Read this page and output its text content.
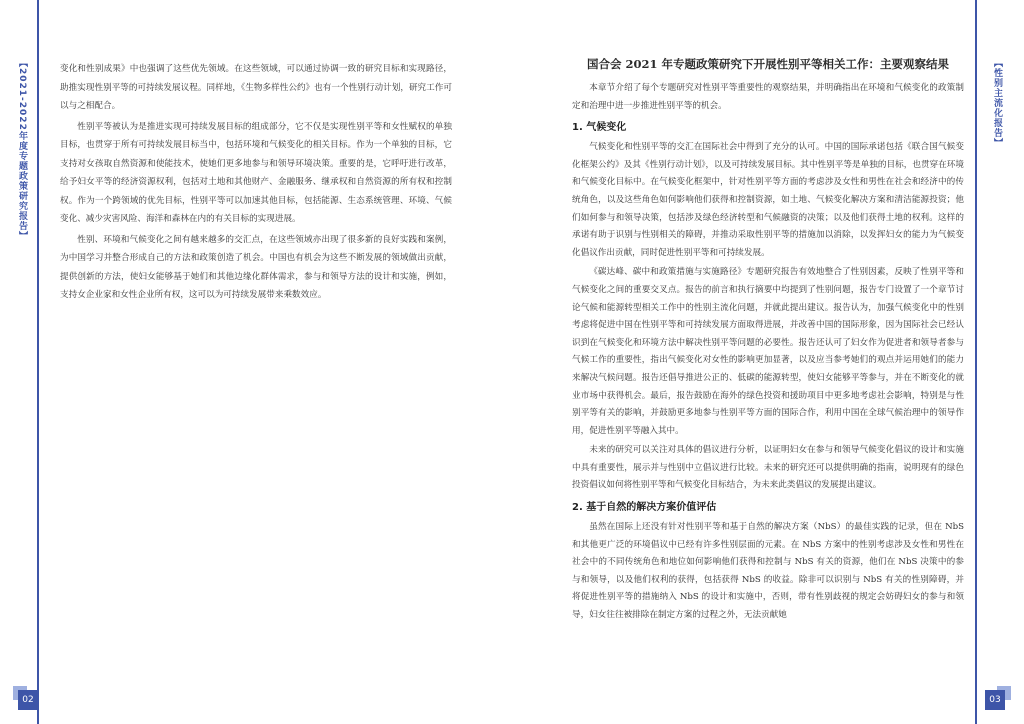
【2021-2022年度专题政策研究报告】	【性别主流化报告】
02	03

变化和性别成果》中也强调了这些优先领域。在这些领域，可以通过协调一致的研究目标和实现路径，助推实现性别平等的可持续发展议程。同样地，《生物多样性公约》也有一个性别行动计划，研究工作可以与之相配合。

性别平等被认为是推进实现可持续发展目标的组成部分，它不仅是实现性别平等和女性赋权的单独目标，也贯穿于所有可持续发展目标当中，包括环境和气候变化的相关目标。作为一个单独的目标，它支持对女孩取自然资源和使能技术，使她们更多地参与和领导环境决策。重要的是，它呼吁进行改革，给予妇女平等的经济资源权利，包括对土地和其他财产、金融服务、继承权和自然资源的所有权和控制权。作为一个跨领域的优先目标，性别平等可以加速其他目标，包括能源、生态系统管理、环境、气候变化、减少灾害风险、海洋和森林在内的有关目标的实现进展。

性别、环境和气候变化之间有越来越多的交汇点，在这些领域亦出现了很多新的良好实践和案例，为中国学习并整合形成自己的方法和政策创造了机会。中国也有机会为这些不断发展的领域做出贡献，提供创新的方法，使妇女能够基于她们和其他边缘化群体需求，参与和领导方法的设计和实施，例如，支持女企业家和女性企业所有权，这可以为可持续发展带来乘数效应。

国合会 2021 年专题政策研究下开展性别平等相关工作：主要观察结果

本章节介绍了每个专题研究对性别平等重要性的观察结果，并明确指出在环境和气候变化的政策制定和治理中进一步推进性别平等的机会。

1. 气候变化

气候变化和性别平等的交汇在国际社会中得到了充分的认可。中国的国际承诺包括《联合国气候变化框架公约》及其《性别行动计划》，以及可持续发展目标。其中性别平等是单独的目标，也贯穿在环境和气候变化目标中。在气候变化框架中，针对性别平等方面的考虑涉及女性和男性在社会和经济中的传统角色，以及这些角色如何影响他们获得和控制资源，如土地、气候变化解决方案和清洁能源投资；他们如何参与和领导决策，包括涉及绿色经济转型和气候融资的决策；以及他们获得土地的权利。这样的承诺有助于识别与性别相关的障碍，并推动采取性别平等的措施加以消除，以发挥妇女的能力为气候变化倡议作出贡献，同时促进性别平等和可持续发展。

《碳达峰、碳中和政策措施与实施路径》专题研究报告有效地整合了性别因素，反映了性别平等和气候变化之间的重要交叉点。报告的前言和执行摘要中均提到了性别问题，报告专门设置了一个章节讨论气候和能源转型相关工作中的性别主流化问题，并就此提出建议。报告认为，加强气候变化中的性别考虑将促进中国在性别平等和可持续发展方面取得进展，并改善中国的国际形象，因为国际社会已经认识到在气候变化和环境方法中解决性别平等问题的必要性。报告还认可了妇女作为促进者和领导者参与气候工作的重要性，指出气候变化对女性的影响更加显著，以及应当参考她们的观点并运用她们的能力来解决气候问题。报告还倡导推进公正的、低碳的能源转型，使妇女能够平等参与，并在不断变化的就业市场中获得机会。最后，报告鼓励在海外的绿色投资和援助项目中更多地考虑社会影响，特别是与性别平等有关的影响，并鼓励更多地参与性别平等方面的国际合作，利用中国在全球气候治理中的领导作用，促进性别平等融入其中。

未来的研究可以关注对具体的倡议进行分析，以证明妇女在参与和领导气候变化倡议的设计和实施中具有重要性，展示并与性别中立倡议进行比较。未来的研究还可以提供明确的指南，说明现有的绿色投资倡议如何将性别平等和气候变化目标结合，为未来此类倡议的发展提出建议。

2. 基于自然的解决方案价值评估

虽然在国际上还没有针对性别平等和基于自然的解决方案（NbS）的最佳实践的记录，但在 NbS 和其他更广泛的环境倡议中已经有许多性别层面的元素。在 NbS 方案中的性别考虑涉及女性和男性在社会中的不同传统角色和地位如何影响他们获得和控制与 NbS 有关的资源，他们在 NbS 决策中的参与和领导，以及他们权利的获得，包括获得 NbS 的收益。除非可以识别与 NbS 有关的性别障碍，并将促进性别平等的措施纳入 NbS 的设计和实施中，否则，带有性别歧视的规定会妨碍妇女的参与和领导，妇女往往被排除在制定方案的过程之外，无法贡献她
